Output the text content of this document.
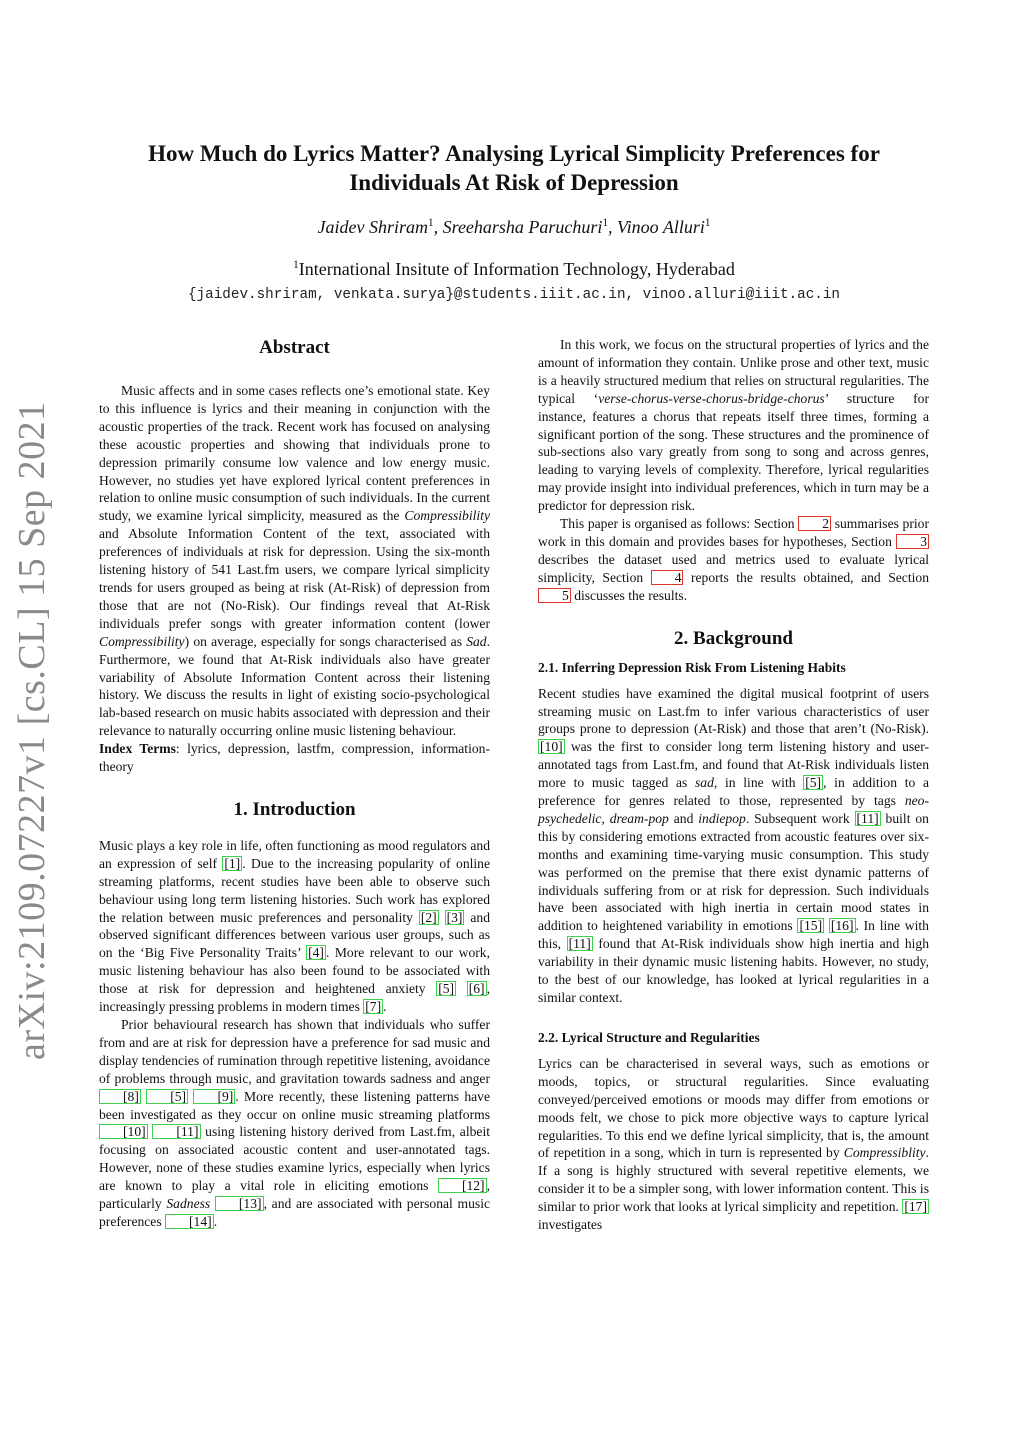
arXiv:2109.07227v1 [cs.CL] 15 Sep 2021
How Much do Lyrics Matter? Analysing Lyrical Simplicity Preferences for
Individuals At Risk of Depression
Jaidev Shriram$^1$, Sreeharsha Paruchuri$^1$, Vinoo Alluri$^1$
$^1$International Insitute of Information Technology, Hyderabad
{jaidev.shriram, venkata.surya}@students.iiit.ac.in, vinoo.alluri@iiit.ac.in
Abstract

Music affects and in some cases reflects one’s emotional state. Key to this influence is lyrics and their meaning in conjunction with the acoustic properties of the track. Recent work has focused on analysing these acoustic properties and showing that individuals prone to depression primarily consume low valence and low energy music. However, no studies yet have explored lyrical content preferences in relation to online music consumption of such individuals. In the current study, we examine lyrical simplicity, measured as the Compressibility and Absolute Information Content of the text, associated with preferences of individuals at risk for depression. Using the six-month listening history of 541 Last.fm users, we compare lyrical simplicity trends for users grouped as being at risk (At-Risk) of depression from those that are not (No-Risk). Our findings reveal that At-Risk individuals prefer songs with greater information content (lower Compressibility) on average, especially for songs characterised as Sad. Furthermore, we found that At-Risk individuals also have greater variability of Absolute Information Content across their listening history. We discuss the results in light of existing socio-psychological lab-based research on music habits associated with depression and their relevance to naturally occurring online music listening behaviour.

Index Terms: lyrics, depression, lastfm, compression, information-theory

1. Introduction

Music plays a key role in life, often functioning as mood regulators and an expression of self [1] . Due to the increasing popularity of online streaming platforms, recent studies have been able to observe such behaviour using long term listening histories. Such work has explored the relation between music preferences and personality [2] [3] and observed significant differences between various user groups, such as on the ‘Big Five Personality Traits’ [4] . More relevant to our work, music listening behaviour has also been found to be associated with those at risk for depression and heightened anxiety [5] [6] , increasingly pressing problems in modern times [7] .

Prior behavioural research has shown that individuals who suffer from and are at risk for depression have a preference for sad music and display tendencies of rumination through repetitive listening, avoidance of problems through music, and gravitation towards sadness and anger [8] [5] [9] . More recently, these listening patterns have been investigated as they occur on online music streaming platforms [10] [11] using listening history derived from Last.fm, albeit focusing on associated acoustic content and user-annotated tags. However, none of these studies examine lyrics, especially when lyrics are known to play a vital role in eliciting emotions [12] , particularly Sadness [13] , and are associated with personal music preferences [14] .

In this work, we focus on the structural properties of lyrics and the amount of information they contain. Unlike prose and other text, music is a heavily structured medium that relies on structural regularities. The typical ‘verse-chorus-verse-chorus-bridge-chorus’ structure for instance, features a chorus that repeats itself three times, forming a significant portion of the song. These structures and the prominence of sub-sections also vary greatly from song to song and across genres, leading to varying levels of complexity. Therefore, lyrical regularities may provide insight into individual preferences, which in turn may be a predictor for depression risk.

This paper is organised as follows: Section 2 summarises prior work in this domain and provides bases for hypotheses, Section 3 describes the dataset used and metrics used to evaluate lyrical simplicity, Section 4 reports the results obtained, and Section 5 discusses the results.

2. Background
2.1. Inferring Depression Risk From Listening Habits

Recent studies have examined the digital musical footprint of users streaming music on Last.fm to infer various characteristics of user groups prone to depression (At-Risk) and those that aren’t (No-Risk). [10] was the first to consider long term listening history and user-annotated tags from Last.fm, and found that At-Risk individuals listen more to music tagged as sad, in line with [5] , in addition to a preference for genres related to those, represented by tags neo-psychedelic, dream-pop and indiepop. Subsequent work [11] built on this by considering emotions extracted from acoustic features over six-months and examining time-varying music consumption. This study was performed on the premise that there exist dynamic patterns of individuals suffering from or at risk for depression. Such individuals have been associated with high inertia in certain mood states in addition to heightened variability in emotions [15] [16] . In line with this, [11] found that At-Risk individuals show high inertia and high variability in their dynamic music listening habits. However, no study, to the best of our knowledge, has looked at lyrical regularities in a similar context.

2.2. Lyrical Structure and Regularities

Lyrics can be characterised in several ways, such as emotions or moods, topics, or structural regularities. Since evaluating conveyed/perceived emotions or moods may differ from emotions or moods felt, we chose to pick more objective ways to capture lyrical regularities. To this end we define lyrical simplicity, that is, the amount of repetition in a song, which in turn is represented by Compressiblity. If a song is highly structured with several repetitive elements, we consider it to be a simpler song, with lower information content. This is similar to prior work that looks at lyrical simplicity and repetition. [17] investigates
